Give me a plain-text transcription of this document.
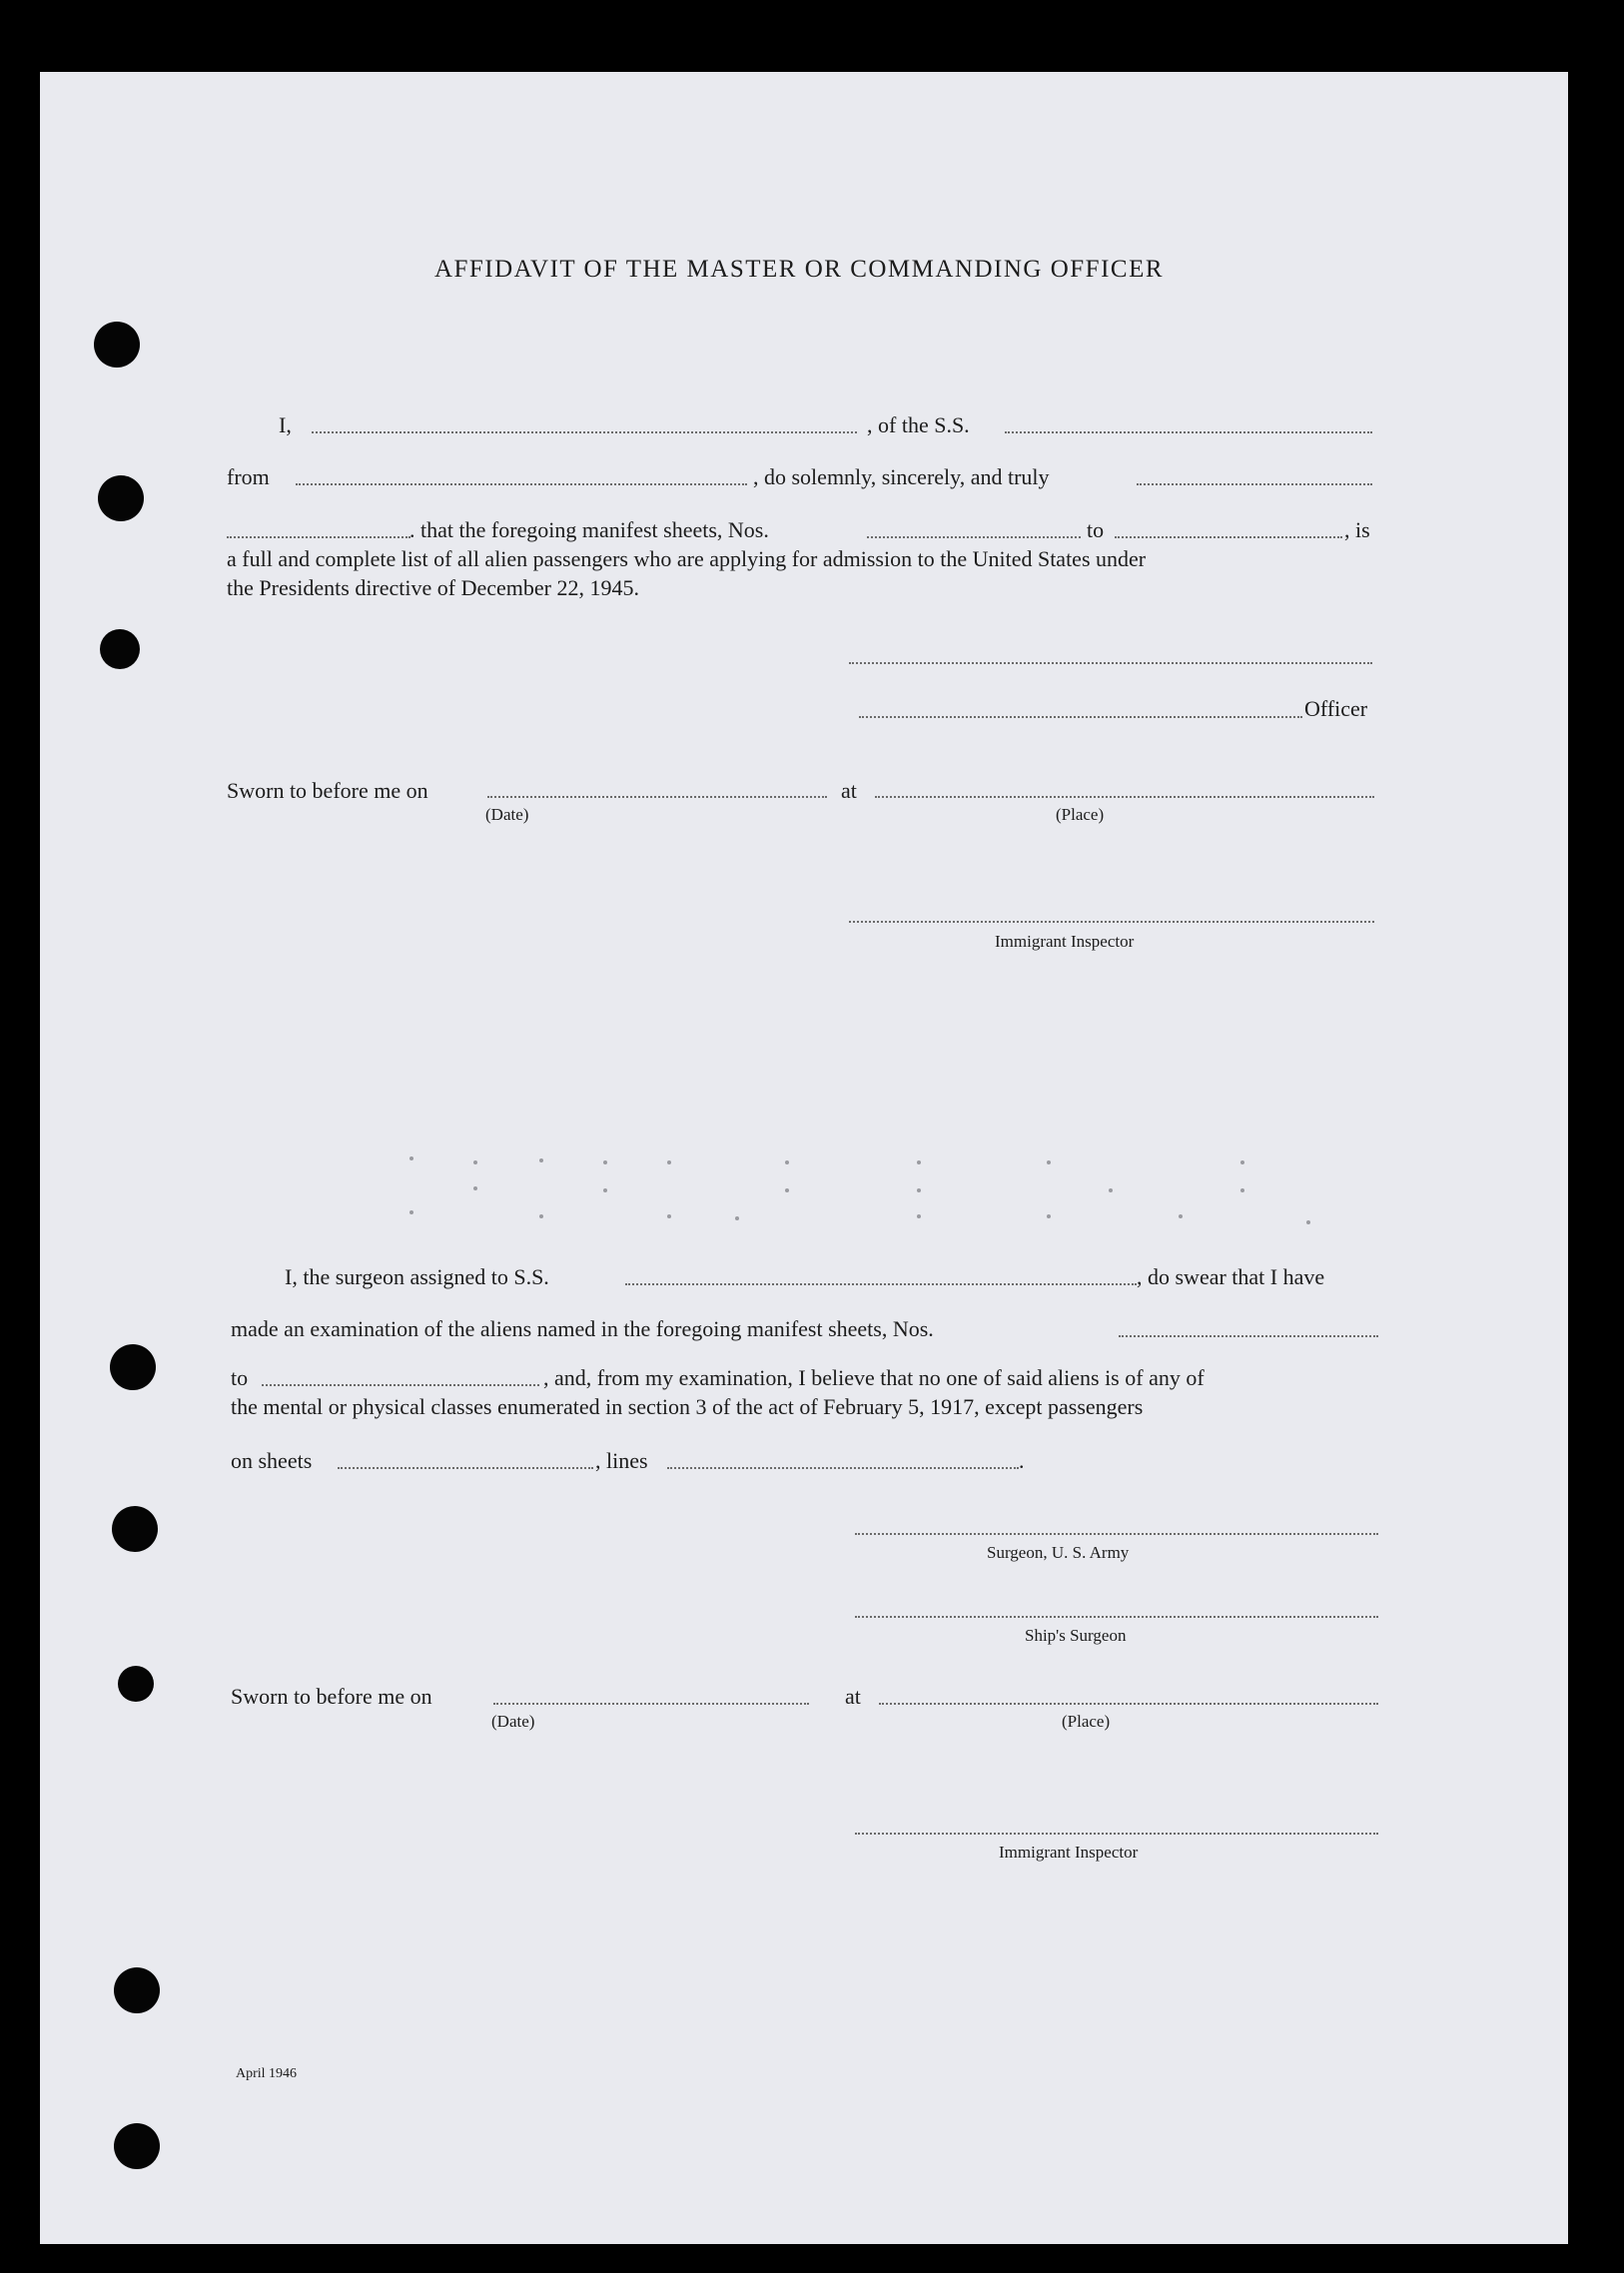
AFFIDAVIT OF THE MASTER OR COMMANDING OFFICER
I,	, of the S.S.
from	, do solemnly, sincerely, and truly
. that the foregoing manifest sheets, Nos.	to	, is
a full and complete list of all alien passengers who are applying for admission to the United States under
the Presidents directive of December 22, 1945.
Officer
Sworn to before me on	at
(Date)	(Place)
Immigrant Inspector
I, the surgeon assigned to S.S.	, do swear that I have
made an examination of the aliens named in the foregoing manifest sheets, Nos.
to	, and, from my examination, I believe that no one of said aliens is of any of
the mental or physical classes enumerated in section 3 of the act of February 5, 1917, except passengers
on sheets	, lines	.
Surgeon, U. S. Army
Ship's Surgeon
Sworn to before me on	at
(Date)	(Place)
Immigrant Inspector
April 1946
